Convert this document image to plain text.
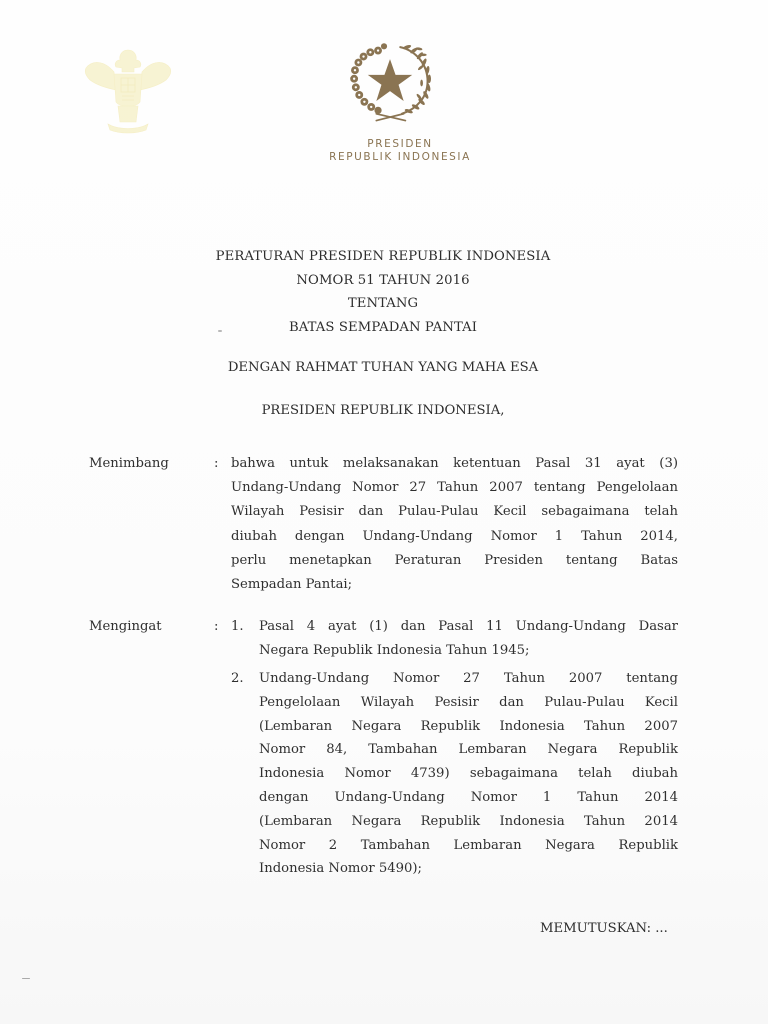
PRESIDEN
REPUBLIK INDONESIA
PERATURAN PRESIDEN REPUBLIK INDONESIA
NOMOR 51 TAHUN 2016
TENTANG
BATAS SEMPADAN PANTAI
DENGAN RAHMAT TUHAN YANG MAHA ESA
PRESIDEN REPUBLIK INDONESIA,
Menimbang	: bahwa untuk melaksanakan ketentuan Pasal 31 ayat (3)
Undang-Undang Nomor 27 Tahun 2007 tentang Pengelolaan
Wilayah Pesisir dan Pulau-Pulau Kecil sebagaimana telah
diubah dengan Undang-Undang Nomor 1 Tahun 2014,
perlu menetapkan Peraturan Presiden tentang Batas
Sempadan Pantai;
Mengingat	: 1. Pasal 4 ayat (1) dan Pasal 11 Undang-Undang Dasar
Negara Republik Indonesia Tahun 1945;
2. Undang-Undang Nomor 27 Tahun 2007 tentang
Pengelolaan Wilayah Pesisir dan Pulau-Pulau Kecil
(Lembaran Negara Republik Indonesia Tahun 2007
Nomor 84, Tambahan Lembaran Negara Republik
Indonesia Nomor 4739) sebagaimana telah diubah
dengan Undang-Undang Nomor 1 Tahun 2014
(Lembaran Negara Republik Indonesia Tahun 2014
Nomor 2 Tambahan Lembaran Negara Republik
Indonesia Nomor 5490);
MEMUTUSKAN: ...
